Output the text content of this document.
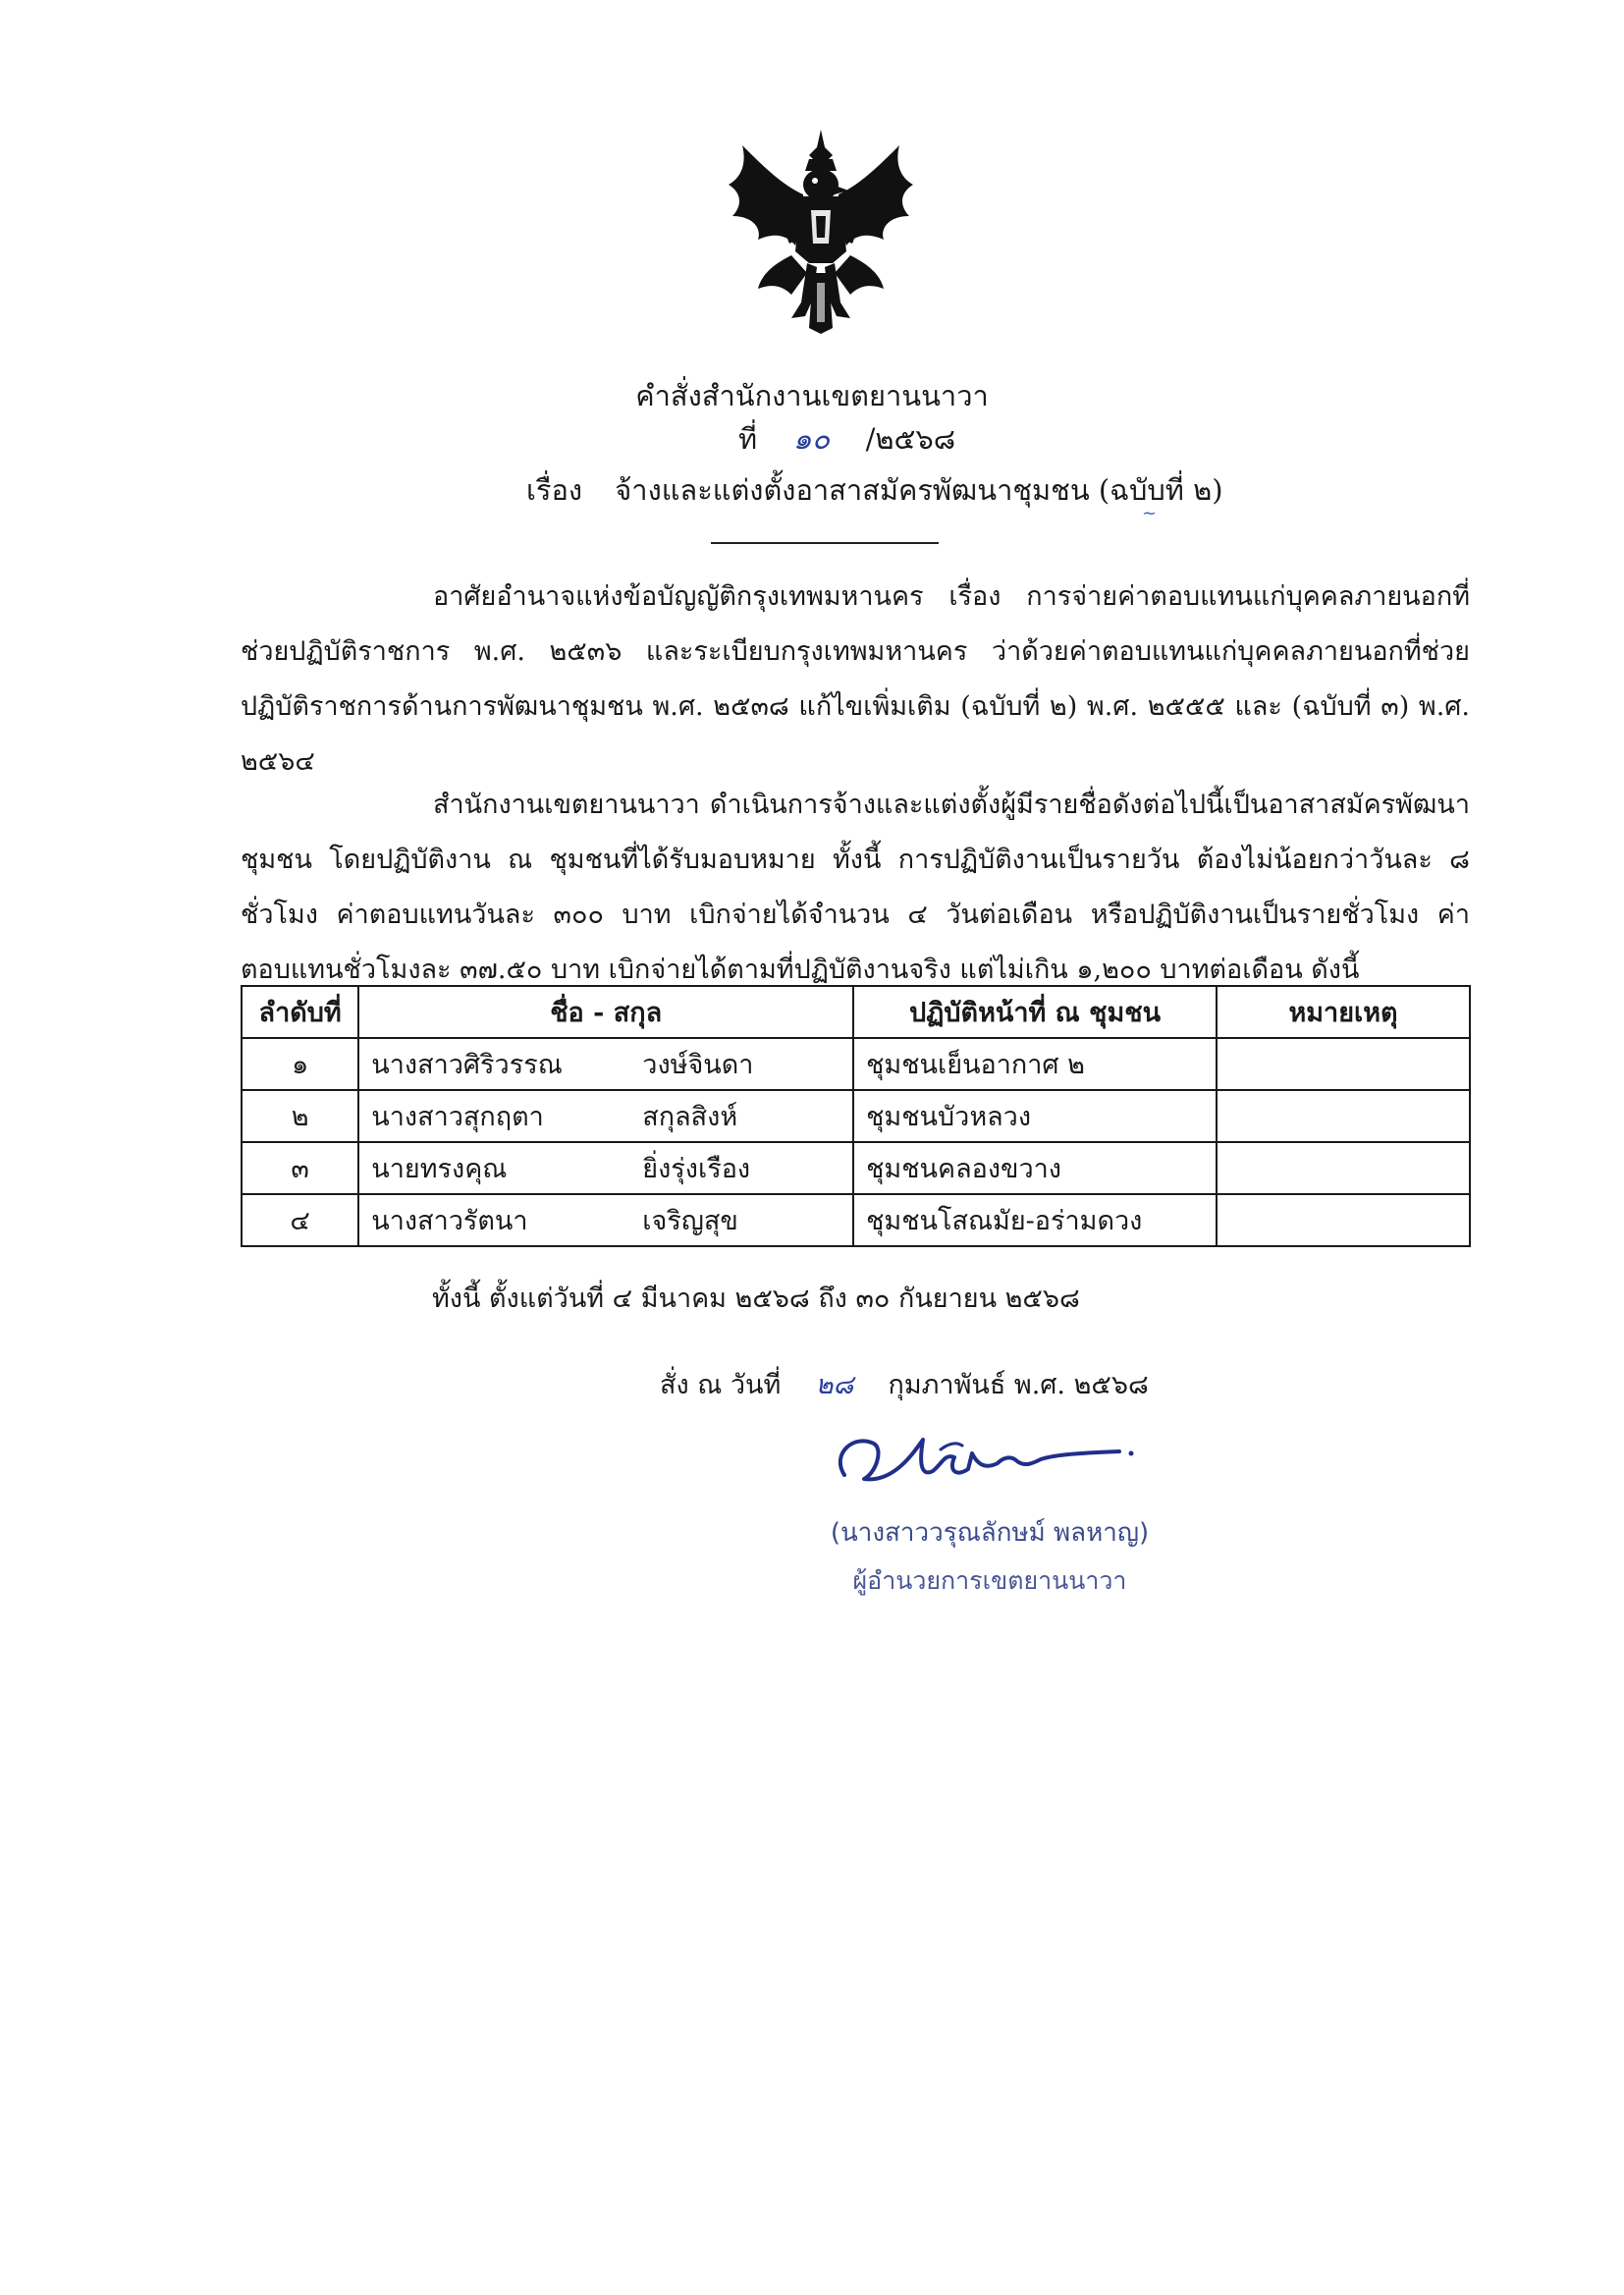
คำสั่งสำนักงานเขตยานนาวา
ที่ ๑๐ /๒๕๖๘
เรื่อง จ้างและแต่งตั้งอาสาสมัครพัฒนาชุมชน (ฉบับที่ ๒)
~
อาศัยอำนาจแห่งข้อบัญญัติกรุงเทพมหานคร เรื่อง การจ่ายค่าตอบแทนแก่บุคคลภายนอกที่ช่วยปฏิบัติราชการ พ.ศ. ๒๕๓๖ และระเบียบกรุงเทพมหานคร ว่าด้วยค่าตอบแทนแก่บุคคลภายนอกที่ช่วยปฏิบัติราชการด้านการพัฒนาชุมชน พ.ศ. ๒๕๓๘ แก้ไขเพิ่มเติม (ฉบับที่ ๒) พ.ศ. ๒๕๕๕ และ (ฉบับที่ ๓) พ.ศ. ๒๕๖๔
สำนักงานเขตยานนาวา ดำเนินการจ้างและแต่งตั้งผู้มีรายชื่อดังต่อไปนี้เป็นอาสาสมัครพัฒนาชุมชน โดยปฏิบัติงาน ณ ชุมชนที่ได้รับมอบหมาย ทั้งนี้ การปฏิบัติงานเป็นรายวัน ต้องไม่น้อยกว่าวันละ ๘ ชั่วโมง ค่าตอบแทนวันละ ๓๐๐ บาท เบิกจ่ายได้จำนวน ๔ วันต่อเดือน หรือปฏิบัติงานเป็นรายชั่วโมง ค่าตอบแทนชั่วโมงละ ๓๗.๕๐ บาท เบิกจ่ายได้ตามที่ปฏิบัติงานจริง แต่ไม่เกิน ๑,๒๐๐ บาทต่อเดือน ดังนี้
ลำดับที่	ชื่อ - สกุล	ปฏิบัติหน้าที่ ณ ชุมชน	หมายเหตุ
๑	นางสาวศิริวรรณ วงษ์จินดา	ชุมชนเย็นอากาศ ๒	
๒	นางสาวสุกฤตา สกุลสิงห์	ชุมชนบัวหลวง	
๓	นายทรงคุณ ยิ่งรุ่งเรือง	ชุมชนคลองขวาง	
๔	นางสาวรัตนา เจริญสุข	ชุมชนโสณมัย-อร่ามดวง	
ทั้งนี้ ตั้งแต่วันที่ ๔ มีนาคม ๒๕๖๘ ถึง ๓๐ กันยายน ๒๕๖๘
สั่ง ณ วันที่ ๒๘ กุมภาพันธ์ พ.ศ. ๒๕๖๘
(นางสาววรุณลักษม์ พลหาญ)
ผู้อำนวยการเขตยานนาวา
